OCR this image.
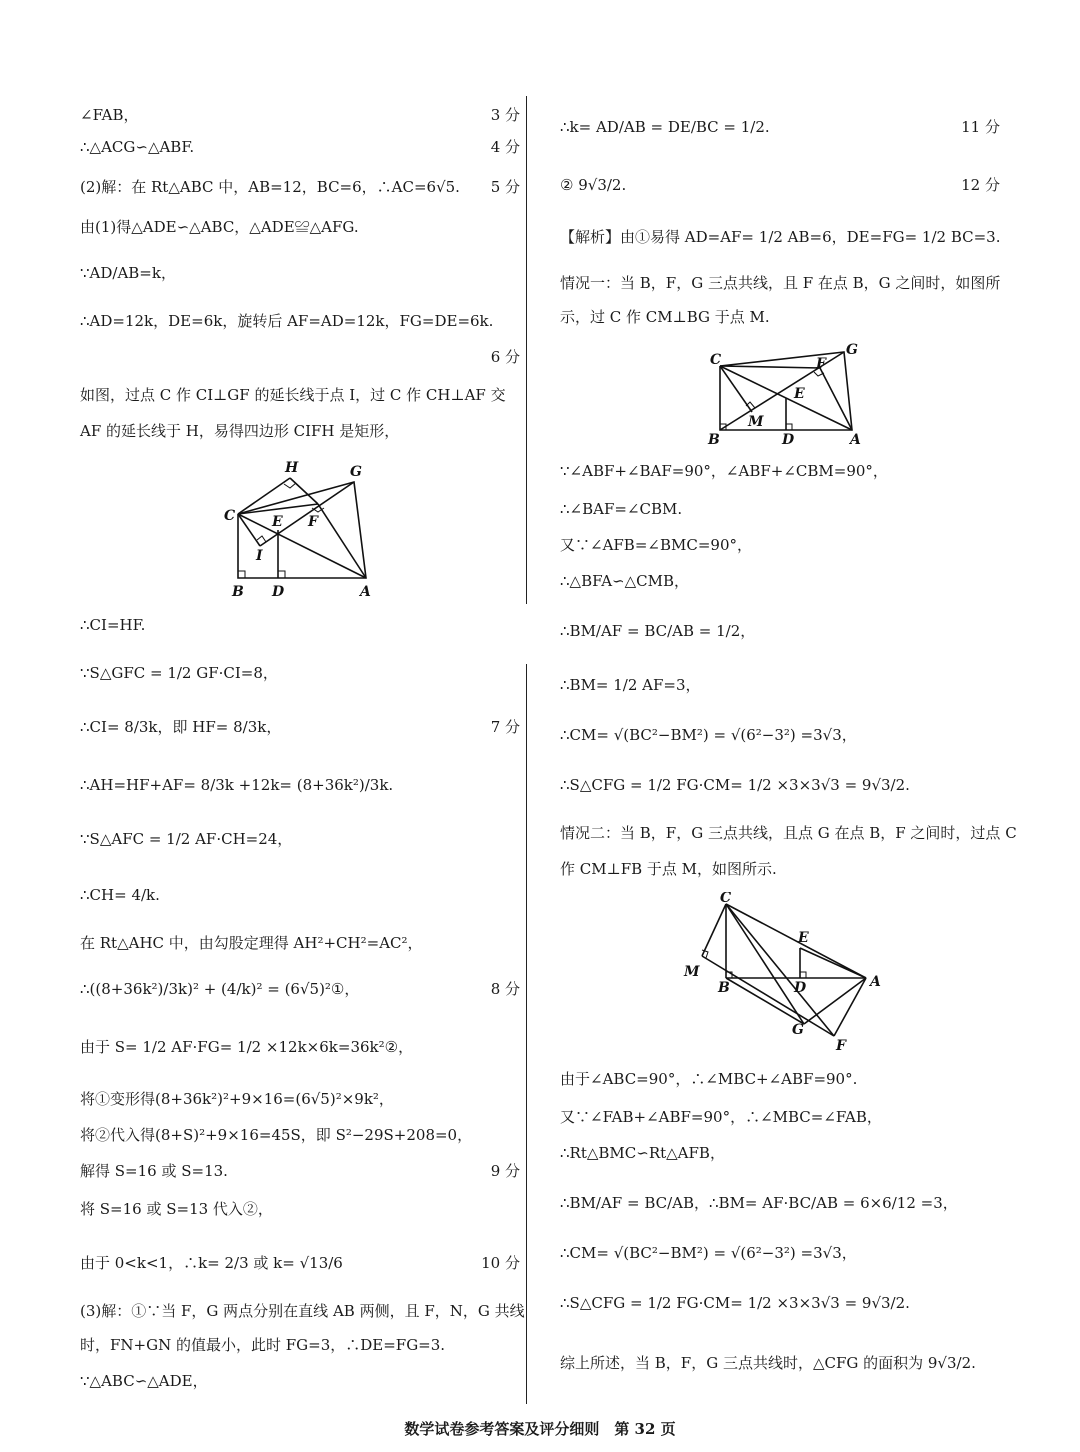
∠FAB，	3 分
∴△ACG∽△ABF.	4 分
(2)解：在 Rt△ABC 中，AB=12，BC=6，∴AC=6√5. 5 分
由(1)得△ADE∽△ABC，△ADE≌△AFG.
∵AD/AB=k，
∴AD=12k，DE=6k，旋转后 AF=AD=12k，FG=DE=6k.
6 分
如图，过点 C 作 CI⊥GF 的延长线于点 I，过 C 作 CH⊥AF 交
AF 的延长线于 H，易得四边形 CIFH 是矩形，
∴CI=HF.
∵S△GFC = 1/2 GF·CI=8，
∴CI= 8/3k，即 HF= 8/3k，	7 分
∴AH=HF+AF= 8/3k +12k= (8+36k²)/3k.
∵S△AFC = 1/2 AF·CH=24，
∴CH= 4/k.
在 Rt△AHC 中，由勾股定理得 AH²+CH²=AC²，
∴((8+36k²)/3k)² + (4/k)² = (6√5)²①，	8 分
由于 S= 1/2 AF·FG= 1/2 ×12k×6k=36k²②，
将①变形得(8+36k²)²+9×16=(6√5)²×9k²，
将②代入得(8+S)²+9×16=45S，即 S²−29S+208=0，
解得 S=16 或 S=13.	9 分
将 S=16 或 S=13 代入②，
由于 0<k<1，∴k= 2/3 或 k= √13/6	10 分
(3)解：①∵当 F，G 两点分别在直线 AB 两侧，且 F，N，G 共线
时，FN+GN 的值最小，此时 FG=3，∴DE=FG=3.
∵△ABC∽△ADE，
H	G
C	E F
I
B D	A
∴k= AD/AB = DE/BC = 1/2.	11 分
② 9√3/2.	12 分
【解析】由①易得 AD=AF= 1/2 AB=6，DE=FG= 1/2 BC=3.
情况一：当 B，F，G 三点共线，且 F 在点 B，G 之间时，如图所
示，过 C 作 CM⊥BG 于点 M.
∵∠ABF+∠BAF=90°，∠ABF+∠CBM=90°，
∴∠BAF=∠CBM.
又∵∠AFB=∠BMC=90°，
∴△BFA∽△CMB，
∴BM/AF = BC/AB = 1/2，
∴BM= 1/2 AF=3，
∴CM= √(BC²−BM²) = √(6²−3²) =3√3，
∴S△CFG = 1/2 FG·CM= 1/2 ×3×3√3 = 9√3/2.
情况二：当 B，F，G 三点共线，且点 G 在点 B，F 之间时，过点 C
作 CM⊥FB 于点 M，如图所示.
由于∠ABC=90°，∴∠MBC+∠ABF=90°.
又∵∠FAB+∠ABF=90°，∴∠MBC=∠FAB，
∴Rt△BMC∽Rt△AFB，
∴BM/AF = BC/AB，∴BM= AF·BC/AB = 6×6/12 =3，
∴CM= √(BC²−BM²) = √(6²−3²) =3√3，
∴S△CFG = 1/2 FG·CM= 1/2 ×3×3√3 = 9√3/2.
综上所述，当 B，F，G 三点共线时，△CFG 的面积为 9√3/2.
C	F
G
M
E
B	D	A
C
E
M
B	D	A
G
F
数学试卷参考答案及评分细则　第 32 页
